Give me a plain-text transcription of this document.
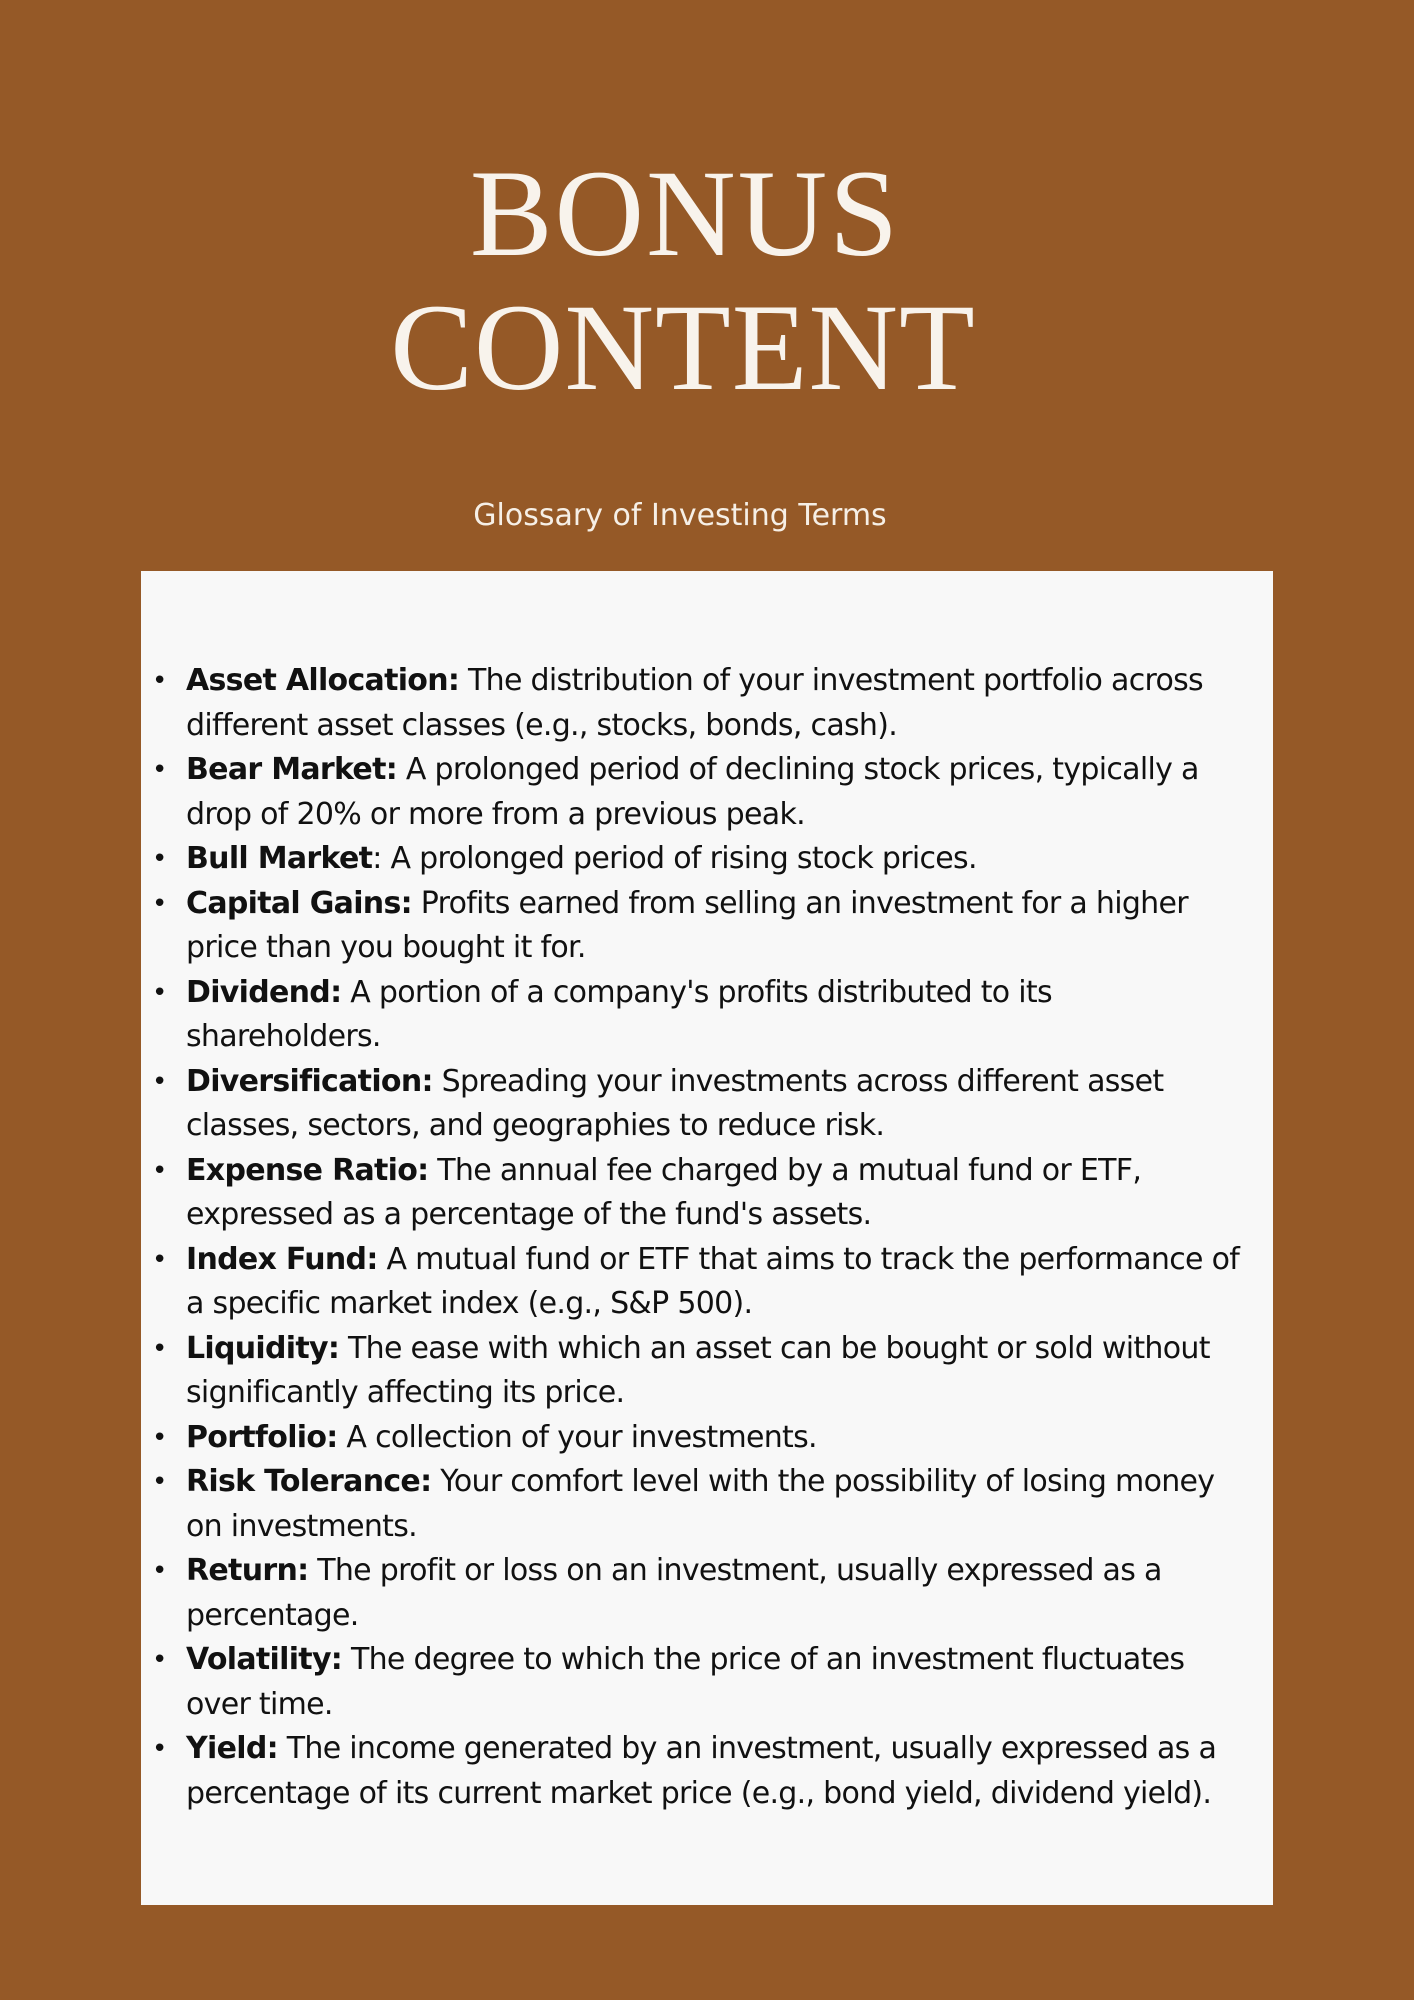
BONUS
CONTENT
Glossary of Investing Terms
• Asset Allocation: The distribution of your investment portfolio across different asset classes (e.g., stocks, bonds, cash).
• Bear Market: A prolonged period of declining stock prices, typically a drop of 20% or more from a previous peak.
• Bull Market: A prolonged period of rising stock prices.
• Capital Gains: Profits earned from selling an investment for a higher price than you bought it for.
• Dividend: A portion of a company's profits distributed to its shareholders.
• Diversification: Spreading your investments across different asset classes, sectors, and geographies to reduce risk.
• Expense Ratio: The annual fee charged by a mutual fund or ETF, expressed as a percentage of the fund's assets.
• Index Fund: A mutual fund or ETF that aims to track the performance of a specific market index (e.g., S&P 500).
• Liquidity: The ease with which an asset can be bought or sold without significantly affecting its price.
• Portfolio: A collection of your investments.
• Risk Tolerance: Your comfort level with the possibility of losing money on investments.
• Return: The profit or loss on an investment, usually expressed as a percentage.
• Volatility: The degree to which the price of an investment fluctuates over time.
• Yield: The income generated by an investment, usually expressed as a percentage of its current market price (e.g., bond yield, dividend yield).
